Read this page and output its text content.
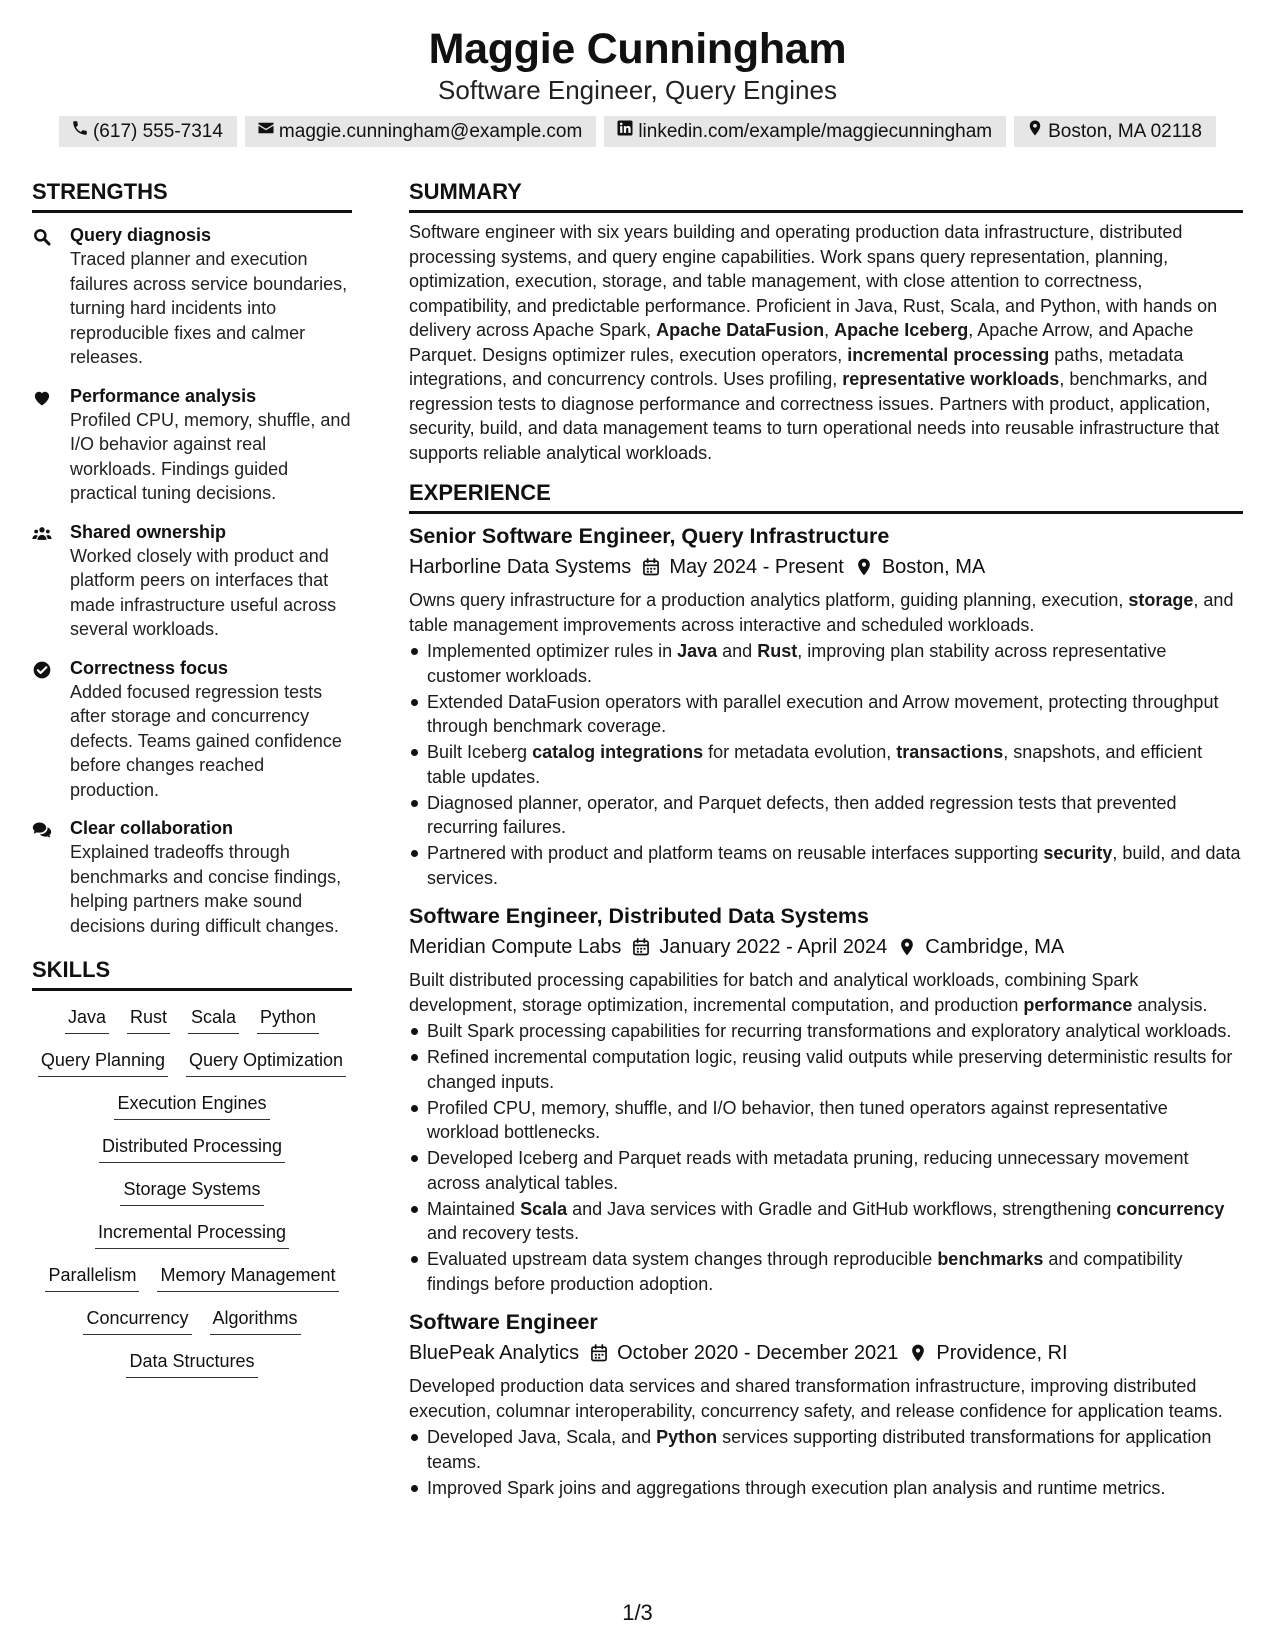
Maggie Cunningham
Software Engineer, Query Engines
(617) 555-7314	maggie.cunningham@example.com	linkedin.com/example/maggiecunningham	Boston, MA 02118
STRENGTHS
Query diagnosis
Traced planner and execution failures across service boundaries, turning hard incidents into reproducible fixes and calmer releases.
Performance analysis
Profiled CPU, memory, shuffle, and I/O behavior against real workloads. Findings guided practical tuning decisions.
Shared ownership
Worked closely with product and platform peers on interfaces that made infrastructure useful across several workloads.
Correctness focus
Added focused regression tests after storage and concurrency defects. Teams gained confidence before changes reached production.
Clear collaboration
Explained tradeoffs through benchmarks and concise findings, helping partners make sound decisions during difficult changes.
SKILLS
Java Rust Scala Python
Query Planning Query Optimization
Execution Engines
Distributed Processing
Storage Systems
Incremental Processing
Parallelism Memory Management
Concurrency Algorithms
Data Structures
SUMMARY
Software engineer with six years building and operating production data infrastructure, distributed processing systems, and query engine capabilities. Work spans query representation, planning, optimization, execution, storage, and table management, with close attention to correctness, compatibility, and predictable performance. Proficient in Java, Rust, Scala, and Python, with hands on delivery across Apache Spark, Apache DataFusion, Apache Iceberg, Apache Arrow, and Apache Parquet. Designs optimizer rules, execution operators, incremental processing paths, metadata integrations, and concurrency controls. Uses profiling, representative workloads, benchmarks, and regression tests to diagnose performance and correctness issues. Partners with product, application, security, build, and data management teams to turn operational needs into reusable infrastructure that supports reliable analytical workloads.
EXPERIENCE
Senior Software Engineer, Query Infrastructure
Harborline Data Systems May 2024 - Present Boston, MA
Owns query infrastructure for a production analytics platform, guiding planning, execution, storage, and table management improvements across interactive and scheduled workloads.
Implemented optimizer rules in Java and Rust, improving plan stability across representative customer workloads.
Extended DataFusion operators with parallel execution and Arrow movement, protecting throughput through benchmark coverage.
Built Iceberg catalog integrations for metadata evolution, transactions, snapshots, and efficient table updates.
Diagnosed planner, operator, and Parquet defects, then added regression tests that prevented recurring failures.
Partnered with product and platform teams on reusable interfaces supporting security, build, and data services.
Software Engineer, Distributed Data Systems
Meridian Compute Labs January 2022 - April 2024 Cambridge, MA
Built distributed processing capabilities for batch and analytical workloads, combining Spark development, storage optimization, incremental computation, and production performance analysis.
Built Spark processing capabilities for recurring transformations and exploratory analytical workloads.
Refined incremental computation logic, reusing valid outputs while preserving deterministic results for changed inputs.
Profiled CPU, memory, shuffle, and I/O behavior, then tuned operators against representative workload bottlenecks.
Developed Iceberg and Parquet reads with metadata pruning, reducing unnecessary movement across analytical tables.
Maintained Scala and Java services with Gradle and GitHub workflows, strengthening concurrency and recovery tests.
Evaluated upstream data system changes through reproducible benchmarks and compatibility findings before production adoption.
Software Engineer
BluePeak Analytics October 2020 - December 2021 Providence, RI
Developed production data services and shared transformation infrastructure, improving distributed execution, columnar interoperability, concurrency safety, and release confidence for application teams.
Developed Java, Scala, and Python services supporting distributed transformations for application teams.
Improved Spark joins and aggregations through execution plan analysis and runtime metrics.
1/3
